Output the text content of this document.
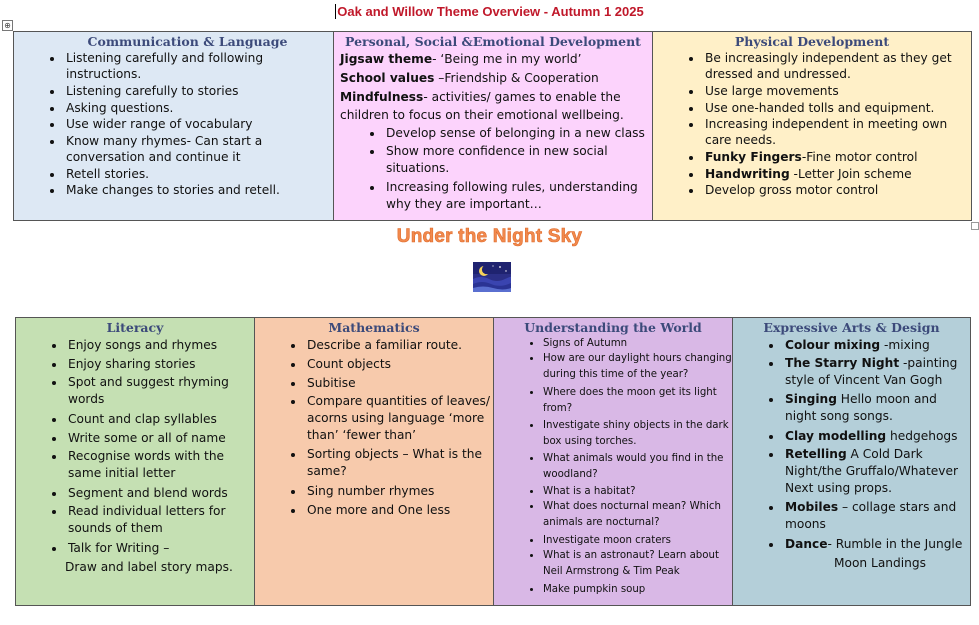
Oak and Willow Theme Overview - Autumn 1 2025
⊕
Communication & Language
• Listening carefully and following instructions.
• Listening carefully to stories
• Asking questions.
• Use wider range of vocabulary
• Know many rhymes- Can start a conversation and continue it
• Retell stories.
• Make changes to stories and retell.

Personal, Social &Emotional Development

Jigsaw theme- ‘Being me in my world’

School values –Friendship & Cooperation

Mindfulness- activities/ games to enable the children to focus on their emotional wellbeing.

• Develop sense of belonging in a new class
• Show more confidence in new social situations.
• Increasing following rules, understanding why they are important…

Physical Development
• Be increasingly independent as they get dressed and undressed.
• Use large movements
• Use one-handed tolls and equipment.
• Increasing independent in meeting own care needs.
• Funky Fingers-Fine motor control
• Handwriting -Letter Join scheme
• Develop gross motor control
Under the Night Sky
Literacy
• Enjoy songs and rhymes
• Enjoy sharing stories
• Spot and suggest rhyming words
• Count and clap syllables
• Write some or all of name
• Recognise words with the same initial letter
• Segment and blend words
• Read individual letters for sounds of them
• Talk for Writing –
Draw and label story maps.

Mathematics
• Describe a familiar route.
• Count objects
• Subitise
• Compare quantities of leaves/ acorns using language ‘more than’ ‘fewer than’
• Sorting objects – What is the same?
• Sing number rhymes
• One more and One less

Understanding the World
• Signs of Autumn
• How are our daylight hours changing during this time of the year?
• Where does the moon get its light from?
• Investigate shiny objects in the dark box using torches.
• What animals would you find in the woodland?
• What is a habitat?
• What does nocturnal mean? Which animals are nocturnal?
• Investigate moon craters
• What is an astronaut? Learn about Neil Armstrong & Tim Peak
• Make pumpkin soup

Expressive Arts & Design
• Colour mixing -mixing
• The Starry Night -painting style of Vincent Van Gogh
• Singing Hello moon and night song songs.
• Clay modelling hedgehogs
• Retelling A Cold Dark Night/the Gruffalo/Whatever Next using props.
• Mobiles – collage stars and moons
• Dance- Rumble in the Jungle
Moon Landings
